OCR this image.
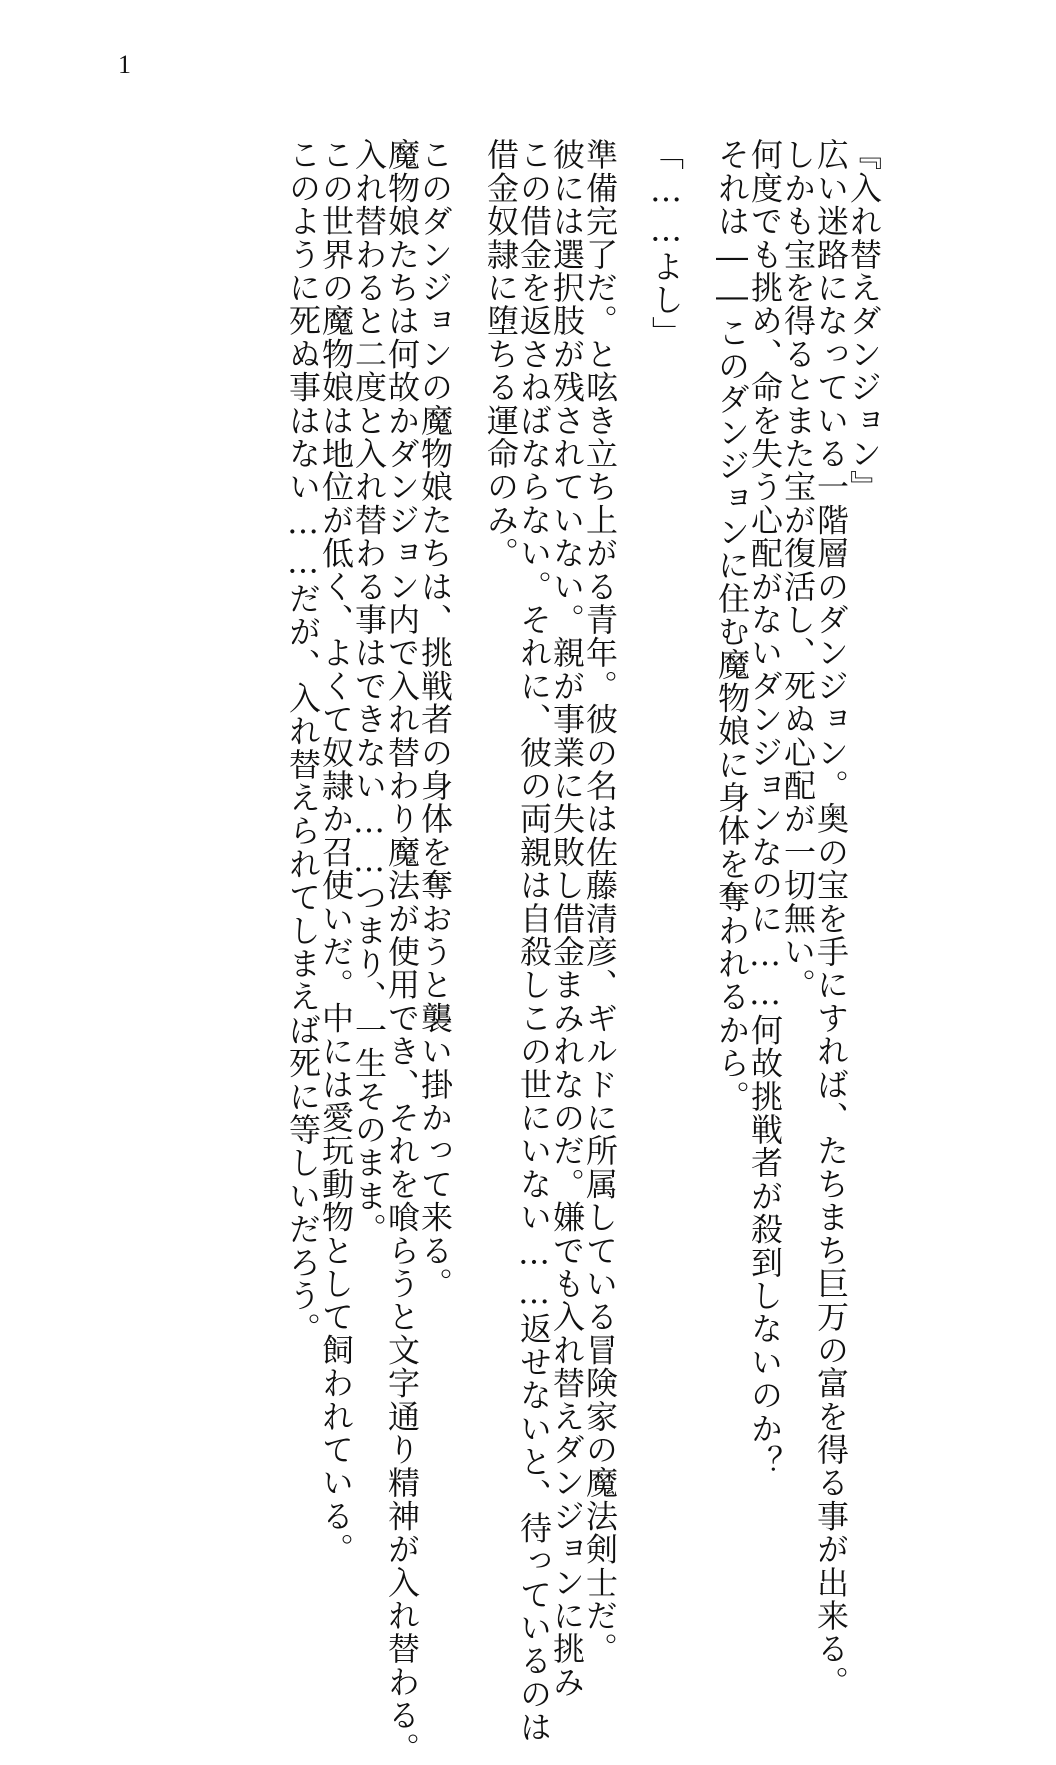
1
『入れ替えダンジョン』
広い迷路になっている一階層のダンジョン。奥の宝を手にすれば、たちまち巨万の富を得る事が出来る。
しかも宝を得るとまた宝が復活し、死ぬ心配が一切無い。
何度でも挑め、命を失う心配がないダンジョンなのに……何故挑戦者が殺到しないのか？
それは――このダンジョンに住む魔物娘に身体を奪われるから。
「……よし」
準備完了だ。と呟き立ち上がる青年。彼の名は佐藤清彦、ギルドに所属している冒険家の魔法剣士だ。
彼には選択肢が残されていない。親が事業に失敗し借金まみれなのだ。嫌でも入れ替えダンジョンに挑み
この借金を返さねばならない。それに、彼の両親は自殺しこの世にいない……返せないと、待っているのは
借金奴隷に堕ちる運命のみ。
このダンジョンの魔物娘たちは、挑戦者の身体を奪おうと襲い掛かって来る。
魔物娘たちは何故かダンジョン内で入れ替わり魔法が使用でき、それを喰らうと文字通り精神が入れ替わる。
入れ替わると二度と入れ替わる事はできない……つまり、一生そのまま。
この世界の魔物娘は地位が低く、よくて奴隷か召使いだ。中には愛玩動物として飼われている。
このように死ぬ事はない……だが、入れ替えられてしまえば死に等しいだろう。
